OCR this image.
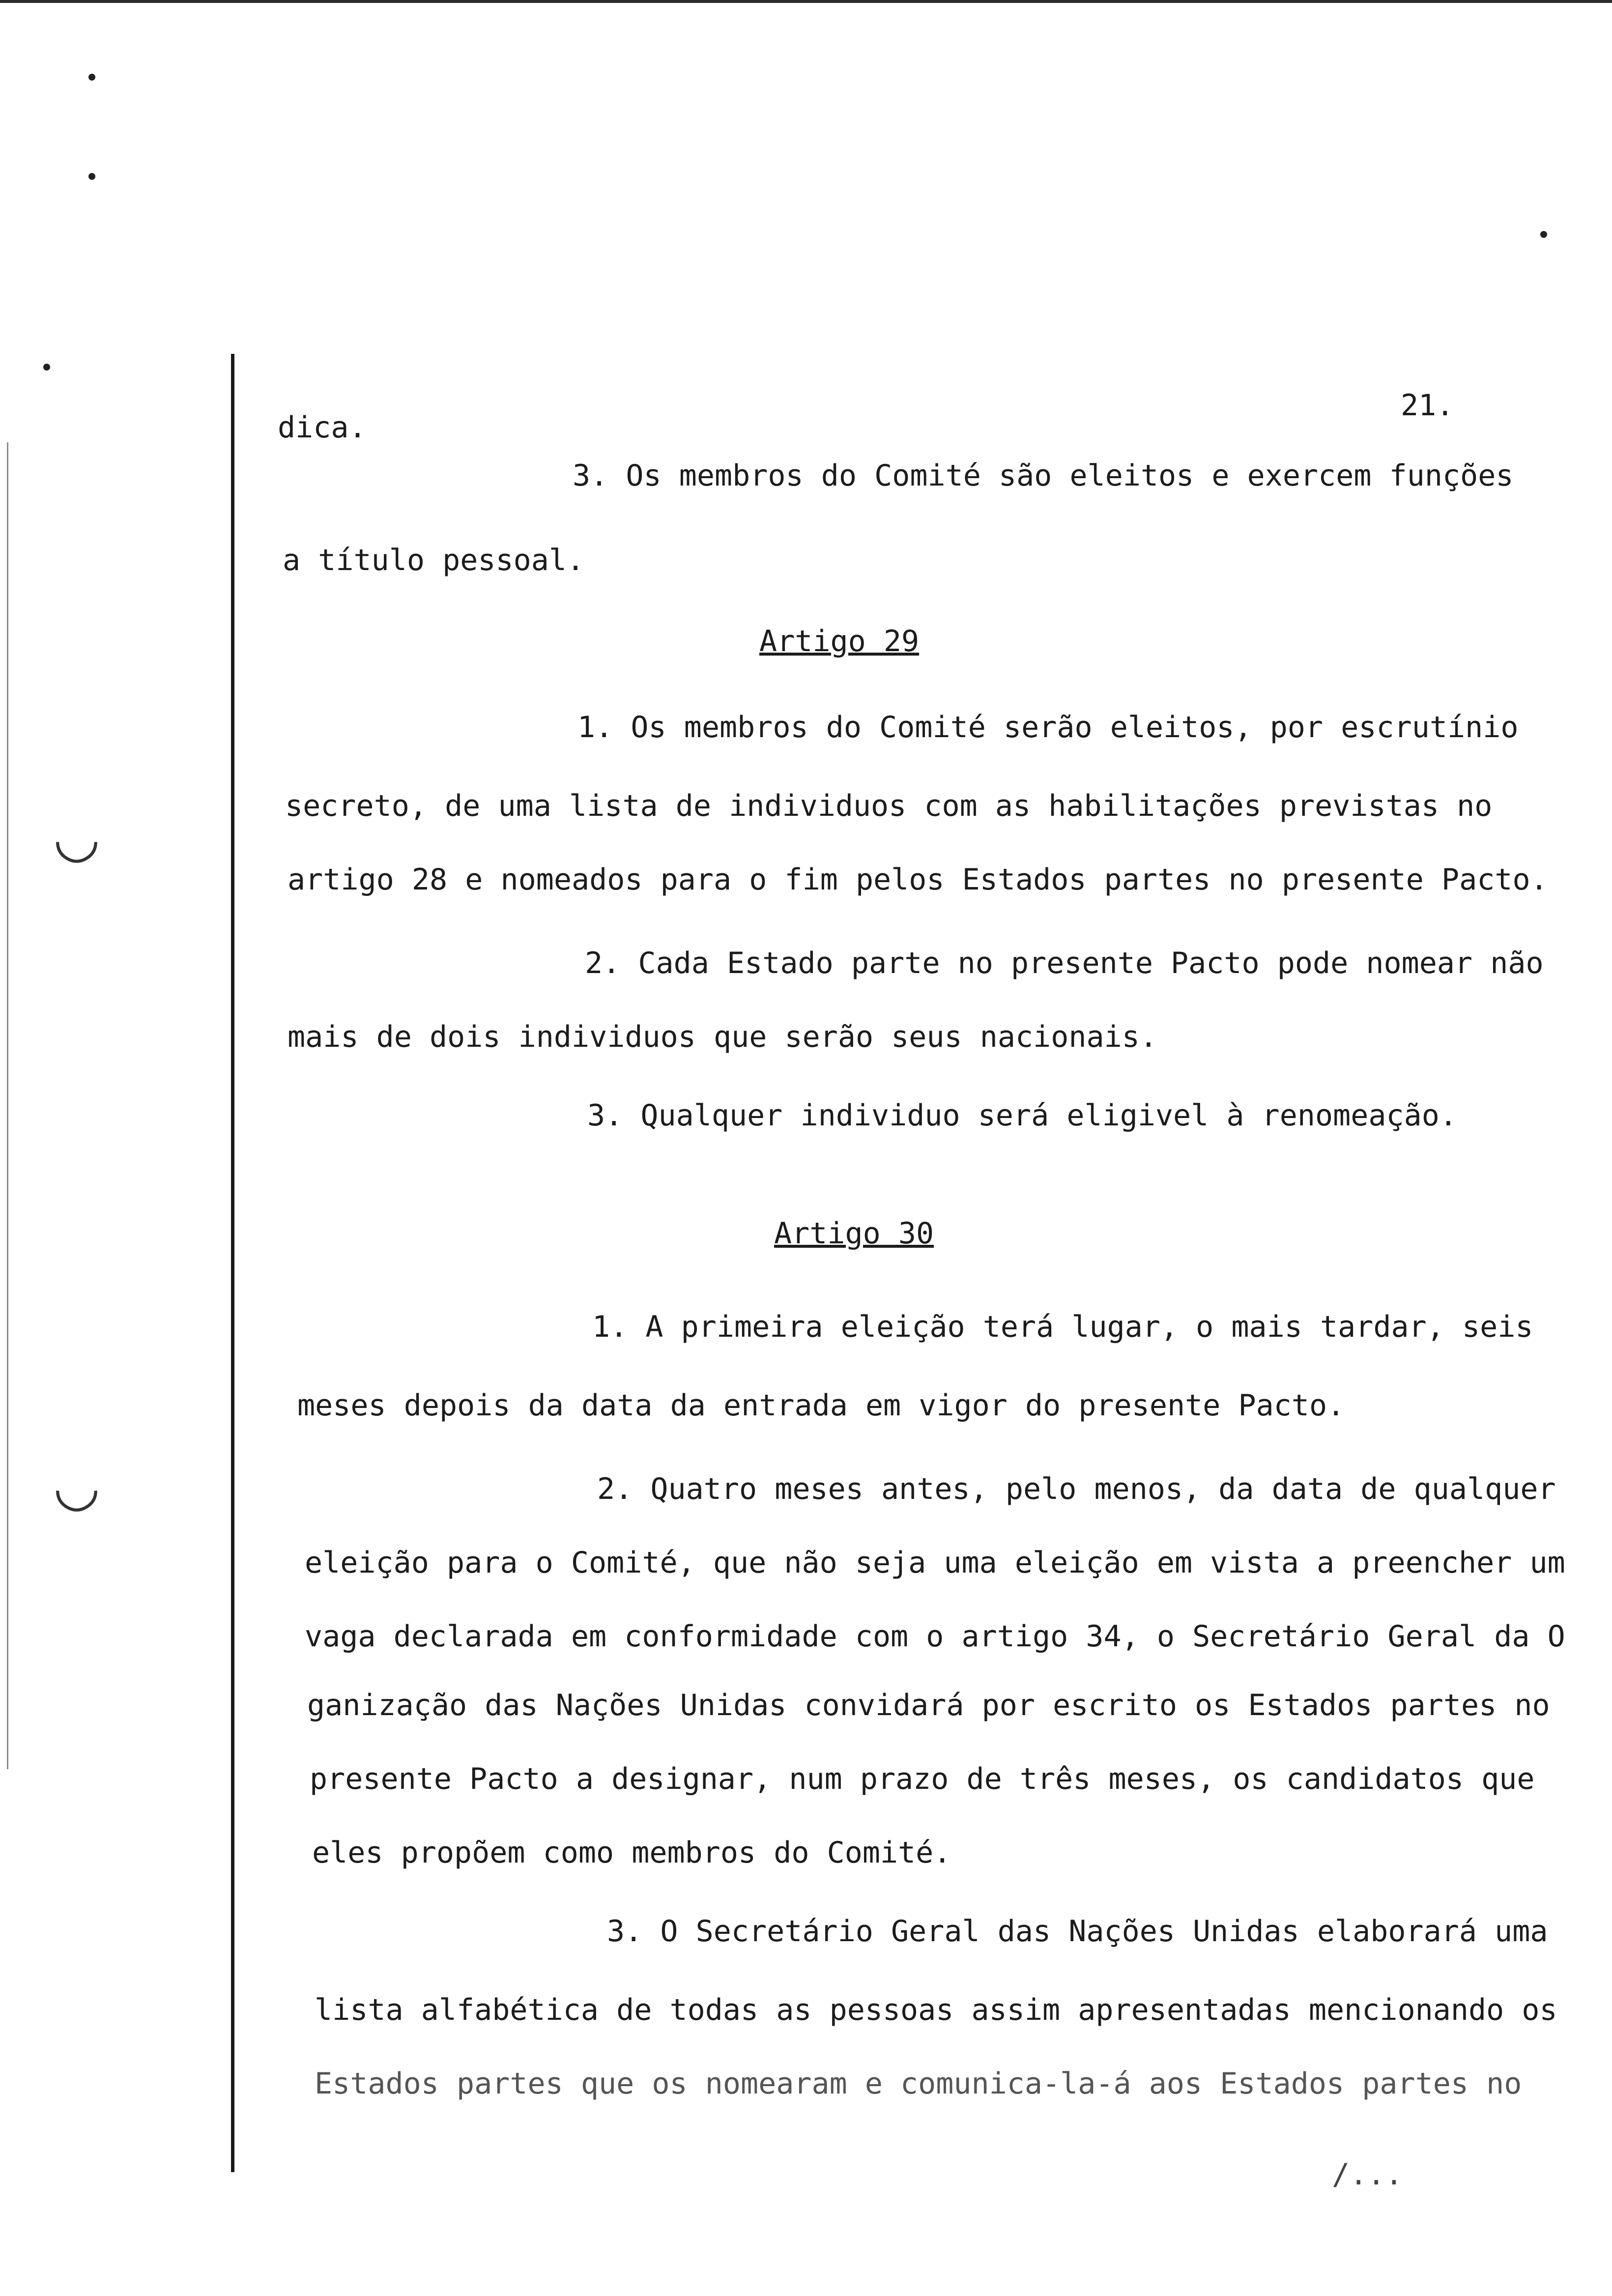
◡
◡
21.
dica.
3. Os membros do Comité são eleitos e exercem funções
a título pessoal.
Artigo 29
1. Os membros do Comité serão eleitos, por escrutínio
secreto, de uma lista de individuos com as habilitações previstas no
artigo 28 e nomeados para o fim pelos Estados partes no presente Pacto.
2. Cada Estado parte no presente Pacto pode nomear não
mais de dois individuos que serão seus nacionais.
3. Qualquer individuo será eligivel à renomeação.
Artigo 30
1. A primeira eleição terá lugar, o mais tardar, seis
meses depois da data da entrada em vigor do presente Pacto.
2. Quatro meses antes, pelo menos, da data de qualquer
eleição para o Comité, que não seja uma eleição em vista a preencher um
vaga declarada em conformidade com o artigo 34, o Secretário Geral da O
ganização das Nações Unidas convidará por escrito os Estados partes no
presente Pacto a designar, num prazo de três meses, os candidatos que
eles propõem como membros do Comité.
3. O Secretário Geral das Nações Unidas elaborará uma
lista alfabética de todas as pessoas assim apresentadas mencionando os
Estados partes que os nomearam e comunica-la-á aos Estados partes no
/...
